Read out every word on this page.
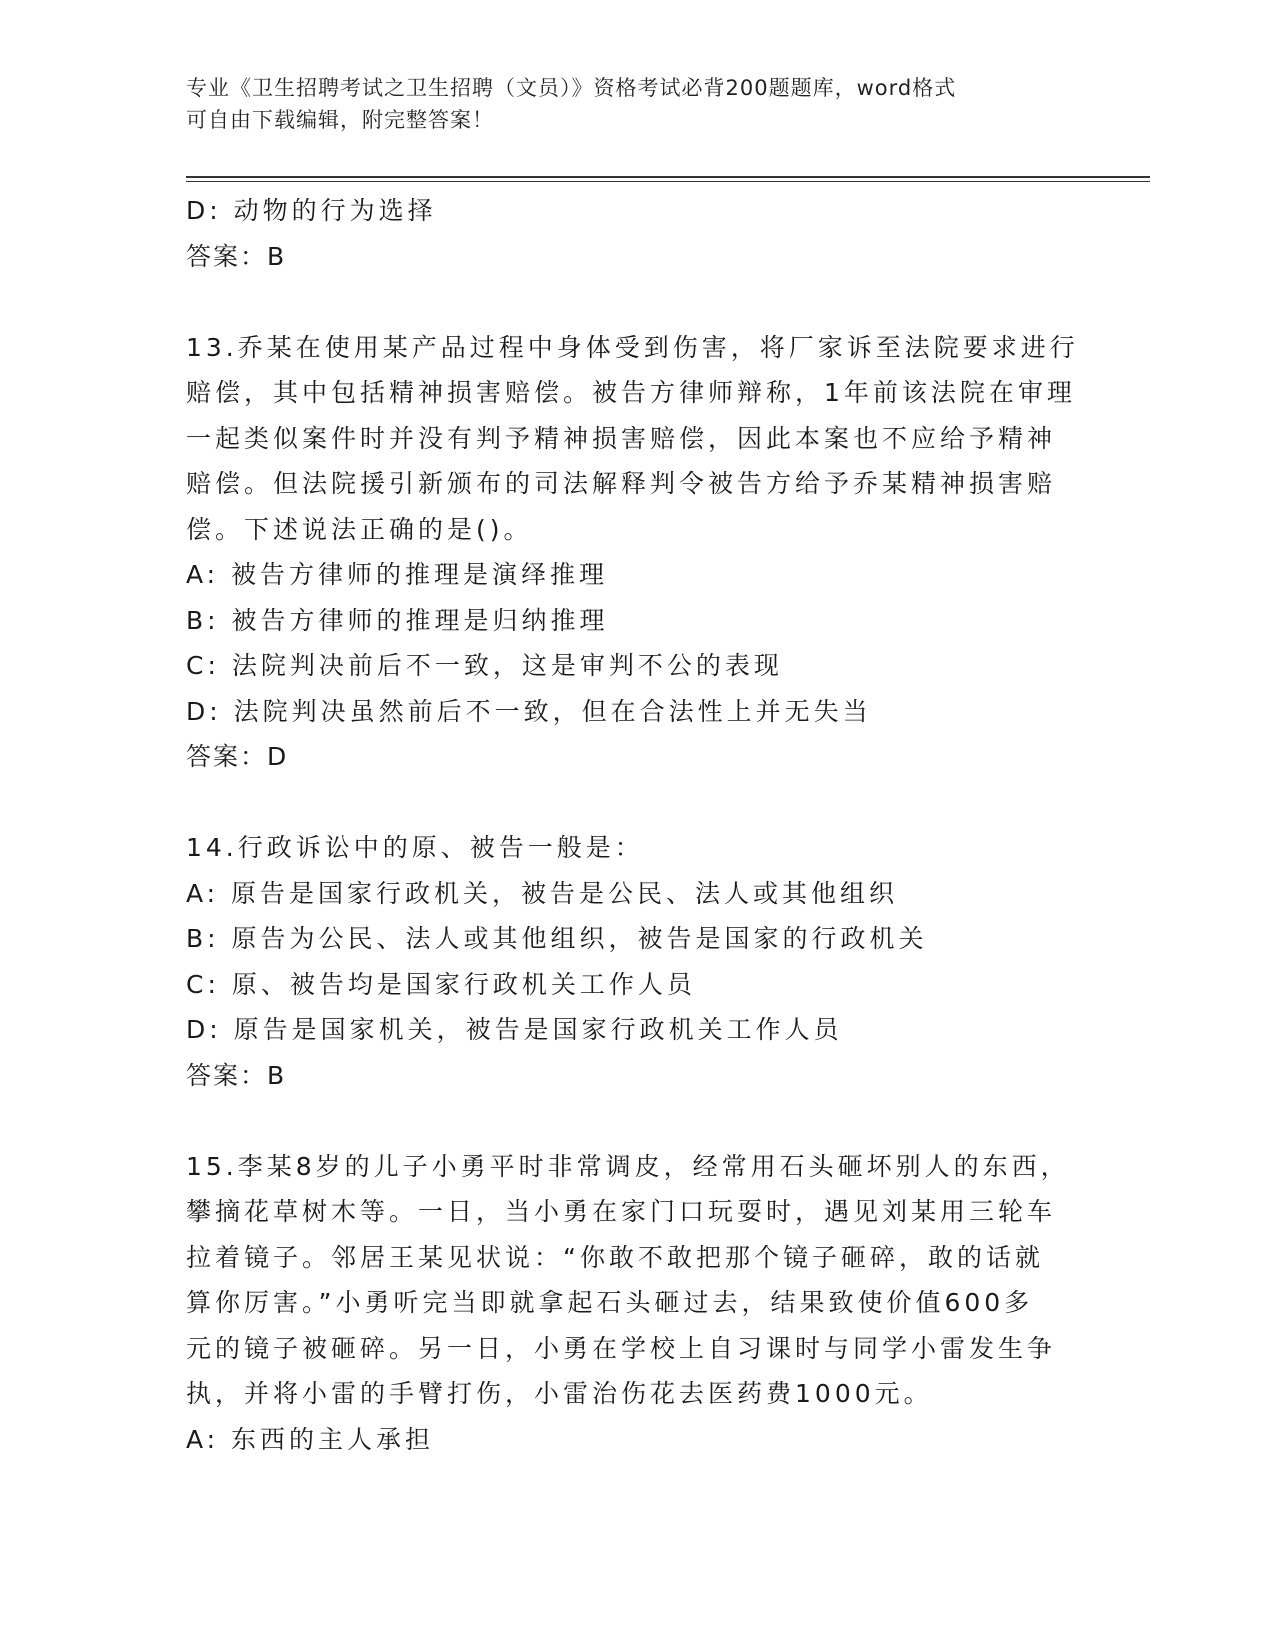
专业《卫生招聘考试之卫生招聘（文员）》资格考试必背200题题库，word格式
可自由下载编辑，附完整答案！
D: 动物的行为选择
答案：B
13.乔某在使用某产品过程中身体受到伤害，将厂家诉至法院要求进行
赔偿，其中包括精神损害赔偿。被告方律师辩称，1年前该法院在审理
一起类似案件时并没有判予精神损害赔偿，因此本案也不应给予精神
赔偿。但法院援引新颁布的司法解释判令被告方给予乔某精神损害赔
偿。下述说法正确的是()。
A: 被告方律师的推理是演绎推理
B: 被告方律师的推理是归纳推理
C: 法院判决前后不一致，这是审判不公的表现
D: 法院判决虽然前后不一致，但在合法性上并无失当
答案：D
14.行政诉讼中的原、被告一般是：
A: 原告是国家行政机关，被告是公民、法人或其他组织
B: 原告为公民、法人或其他组织，被告是国家的行政机关
C: 原、被告均是国家行政机关工作人员
D: 原告是国家机关，被告是国家行政机关工作人员
答案：B
15.李某8岁的儿子小勇平时非常调皮，经常用石头砸坏别人的东西，
攀摘花草树木等。一日，当小勇在家门口玩耍时，遇见刘某用三轮车
拉着镜子。邻居王某见状说：“你敢不敢把那个镜子砸碎，敢的话就
算你厉害。”小勇听完当即就拿起石头砸过去，结果致使价值600多
元的镜子被砸碎。另一日，小勇在学校上自习课时与同学小雷发生争
执，并将小雷的手臂打伤，小雷治伤花去医药费1000元。
A: 东西的主人承担
